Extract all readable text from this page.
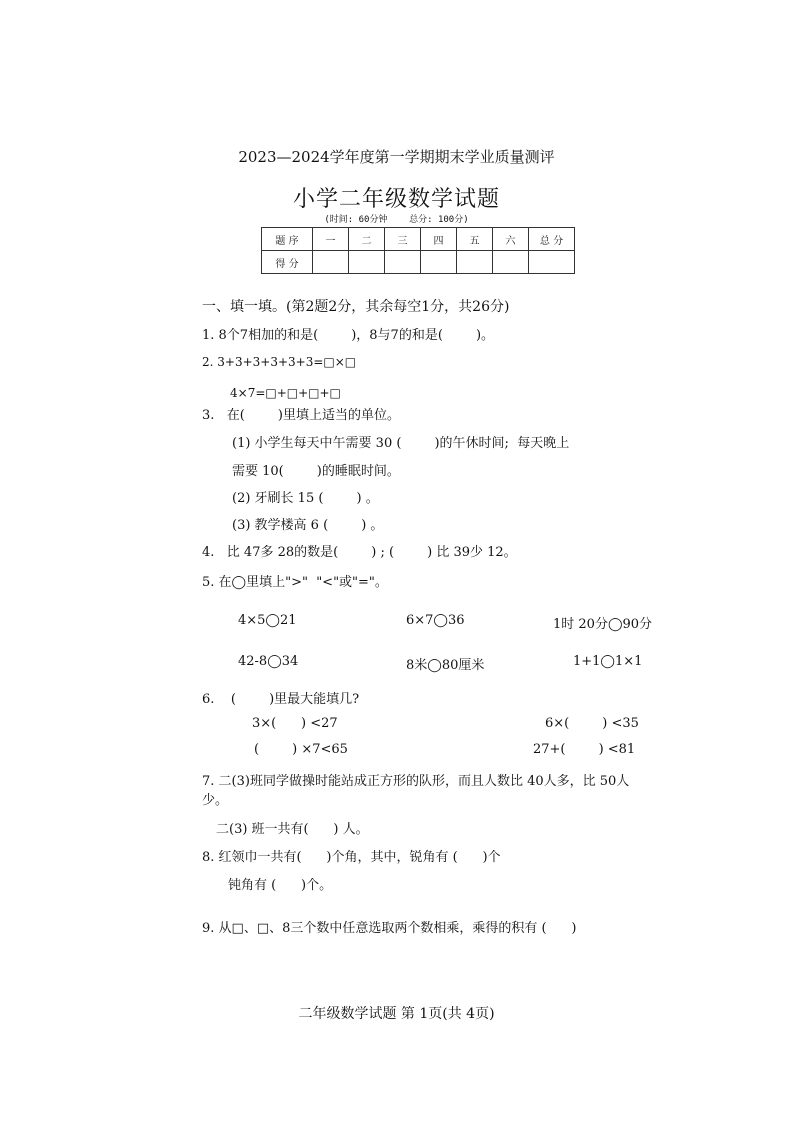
2023—2024学年度第一学期期末学业质量测评
小学二年级数学试题
(时间: 60分钟    总分: 100分)
题 序	一	二	三	四	五	六	总 分
得 分							
一、填一填。(第2题2分，其余每空1分，共26分)
1. 8个7相加的和是(        )，8与7的和是(        )。
2. 3+3+3+3+3+3=□×□
4×7=□+□+□+□
3.   在(        )里填上适当的单位。
(1) 小学生每天中午需要 30 (        )的午休时间;  每天晚上
需要 10(        )的睡眠时间。
(2) 牙刷长 15 (        ) 。
(3) 教学楼高 6 (        ) 。
4.   比 47多 28的数是(        ) ; (        ) 比 39少 12。
5. 在◯里填上">"  "<"或"="。
4×5◯21	6×7◯36	1时 20分◯90分
42-8◯34	8米◯80厘米	1+1◯1×1
6.    (        )里最大能填几?
3×(      ) <27	6×(        ) <35
(        ) ×7<65	27+(        ) <81
7. 二(3)班同学做操时能站成正方形的队形，而且人数比 40人多，比 50人
少。
二(3) 班一共有(      ) 人。
8. 红领巾一共有(      )个角，其中，锐角有 (      )个
钝角有 (      )个。
9. 从□、□、8三个数中任意选取两个数相乘，乘得的积有 (      )
二年级数学试题 第 1页(共 4页)
